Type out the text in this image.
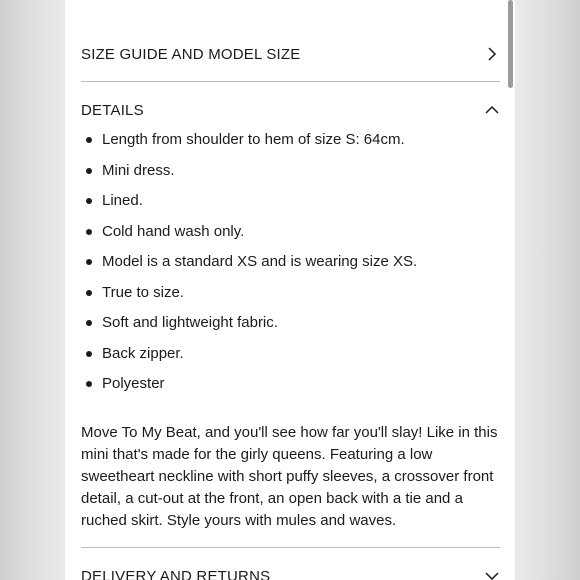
SIZE GUIDE AND MODEL SIZE
DETAILS
Length from shoulder to hem of size S: 64cm.
Mini dress.
Lined.
Cold hand wash only.
Model is a standard XS and is wearing size XS.
True to size.
Soft and lightweight fabric.
Back zipper.
Polyester

Move To My Beat, and you'll see how far you'll slay! Like in this mini that's made for the girly queens. Featuring a low sweetheart neckline with short puffy sleeves, a crossover front detail, a cut-out at the front, an open back with a tie and a ruched skirt. Style yours with mules and waves.

DELIVERY AND RETURNS
